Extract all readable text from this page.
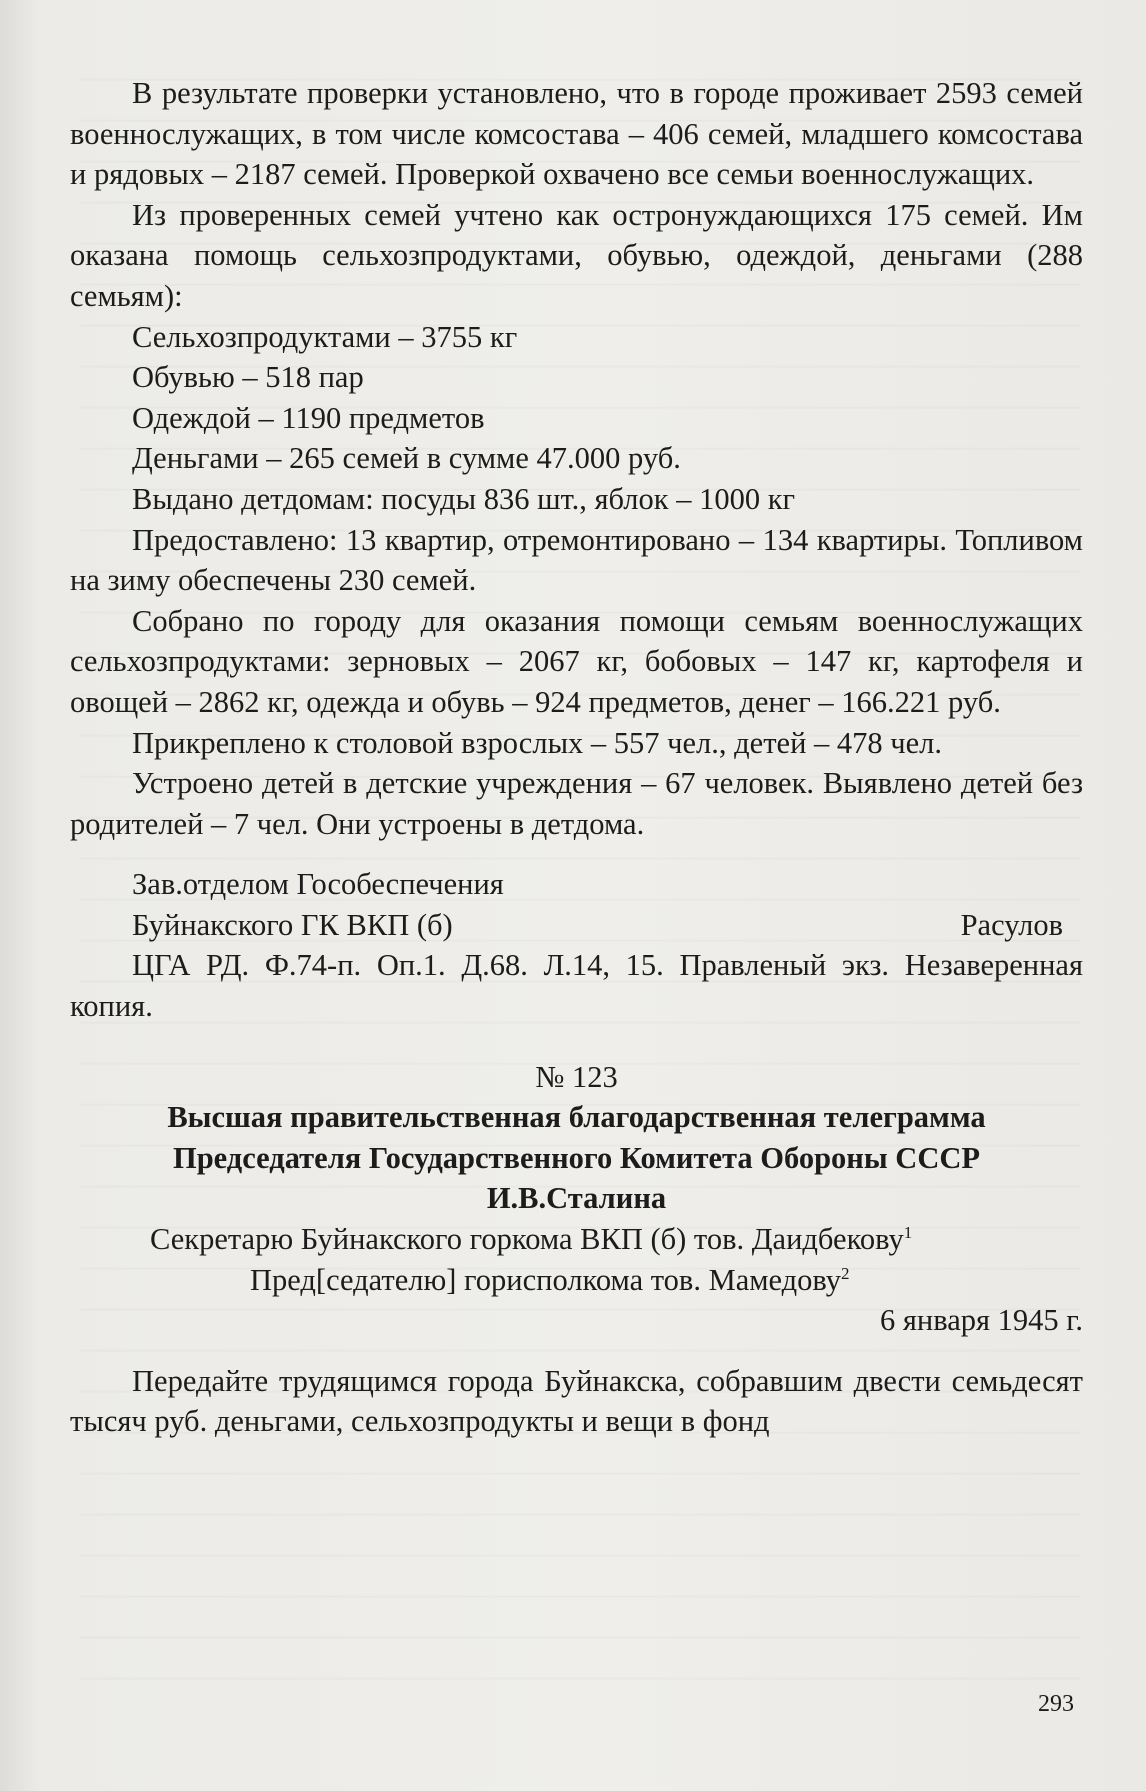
В результате проверки установлено, что в городе проживает 2593 семей военнослужащих, в том числе комсостава – 406 семей, младшего комсостава и рядовых – 2187 семей. Проверкой охвачено все семьи военнослужащих.

Из проверенных семей учтено как остронуждающихся 175 семей. Им оказана помощь сельхозпродуктами, обувью, одеждой, деньгами (288 семьям):

Сельхозпродуктами – 3755 кг

Обувью – 518 пар

Одеждой – 1190 предметов

Деньгами – 265 семей в сумме 47.000 руб.

Выдано детдомам: посуды 836 шт., яблок – 1000 кг

Предоставлено: 13 квартир, отремонтировано – 134 квартиры. Топливом на зиму обеспечены 230 семей.

Собрано по городу для оказания помощи семьям военнослужащих сельхозпродуктами: зерновых – 2067 кг, бобовых – 147 кг, картофеля и овощей – 2862 кг, одежда и обувь – 924 предметов, денег – 166.221 руб.

Прикреплено к столовой взрослых – 557 чел., детей – 478 чел.

Устроено детей в детские учреждения – 67 человек. Выявлено детей без родителей – 7 чел. Они устроены в детдома.

Зав.отделом Гособеспечения

Буйнакского ГК ВКП (б)	Расулов

ЦГА РД. Ф.74-п. Оп.1. Д.68. Л.14, 15. Правленый экз. Незаверенная копия.

№ 123

Высшая правительственная благодарственная телеграмма

Председателя Государственного Комитета Обороны СССР

И.В.Сталина

Секретарю Буйнакского горкома ВКП (б) тов. Даидбекову$^1$

Пред[седателю] горисполкома тов. Мамедову$^2$

6 января 1945 г.

Передайте трудящимся города Буйнакска, собравшим двести семьдесят тысяч руб. деньгами, сельхозпродукты и вещи в фонд

293
